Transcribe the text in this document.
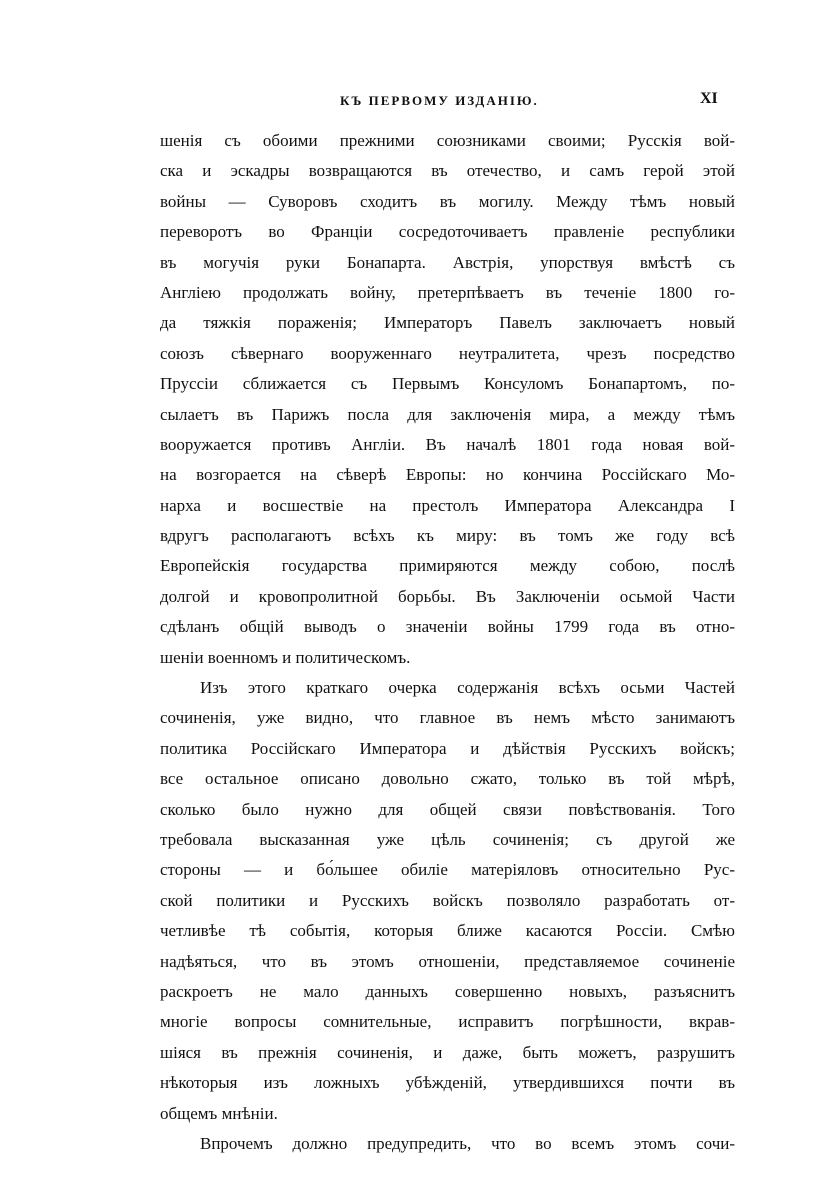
КЪ ПЕРВОМУ ИЗДАНІЮ.	XI
шенія съ обоими прежними союзниками своими; Русскія вой-
ска и эскадры возвращаются въ отечество, и самъ герой этой
войны — Суворовъ сходитъ въ могилу. Между тѣмъ новый
переворотъ во Франціи сосредоточиваетъ правленіе республики
въ могучія руки Бонапарта. Австрія, упорствуя вмѣстѣ съ
Англіею продолжать войну, претерпѣваетъ въ теченіе 1800 го-
да тяжкія пораженія; Императоръ Павелъ заключаетъ новый
союзъ сѣвернаго вооруженнаго неутралитета, чрезъ посредство
Пруссіи сближается съ Первымъ Консуломъ Бонапартомъ, по-
сылаетъ въ Парижъ посла для заключенія мира, а между тѣмъ
вооружается противъ Англіи. Въ началѣ 1801 года новая вой-
на возгорается на сѣверѣ Европы: но кончина Россійскаго Мо-
нарха и восшествіе на престолъ Императора Александра I
вдругъ располагаютъ всѣхъ къ миру: въ томъ же году всѣ
Европейскія государства примиряются между собою, послѣ
долгой и кровопролитной борьбы. Въ Заключеніи осьмой Части
сдѣланъ общій выводъ о значеніи войны 1799 года въ отно-
шеніи военномъ и политическомъ.
Изъ этого краткаго очерка содержанія всѣхъ осьми Частей
сочиненія, уже видно, что главное въ немъ мѣсто занимаютъ
политика Россійскаго Императора и дѣйствія Русскихъ войскъ;
все остальное описано довольно сжато, только въ той мѣрѣ,
сколько было нужно для общей связи повѣствованія. Того
требовала высказанная уже цѣль сочиненія; съ другой же
стороны — и бо́льшее обиліе матеріяловъ относительно Рус-
ской политики и Русскихъ войскъ позволяло разработать от-
четливѣе тѣ событія, которыя ближе касаются Россіи. Смѣю
надѣяться, что въ этомъ отношеніи, представляемое сочиненіе
раскроетъ не мало данныхъ совершенно новыхъ, разъяснитъ
многіе вопросы сомнительные, исправитъ погрѣшности, вкрав-
шіяся въ прежнія сочиненія, и даже, быть можетъ, разрушитъ
нѣкоторыя изъ ложныхъ убѣжденій, утвердившихся почти въ
общемъ мнѣніи.
Впрочемъ должно предупредить, что во всемъ этомъ сочи-
